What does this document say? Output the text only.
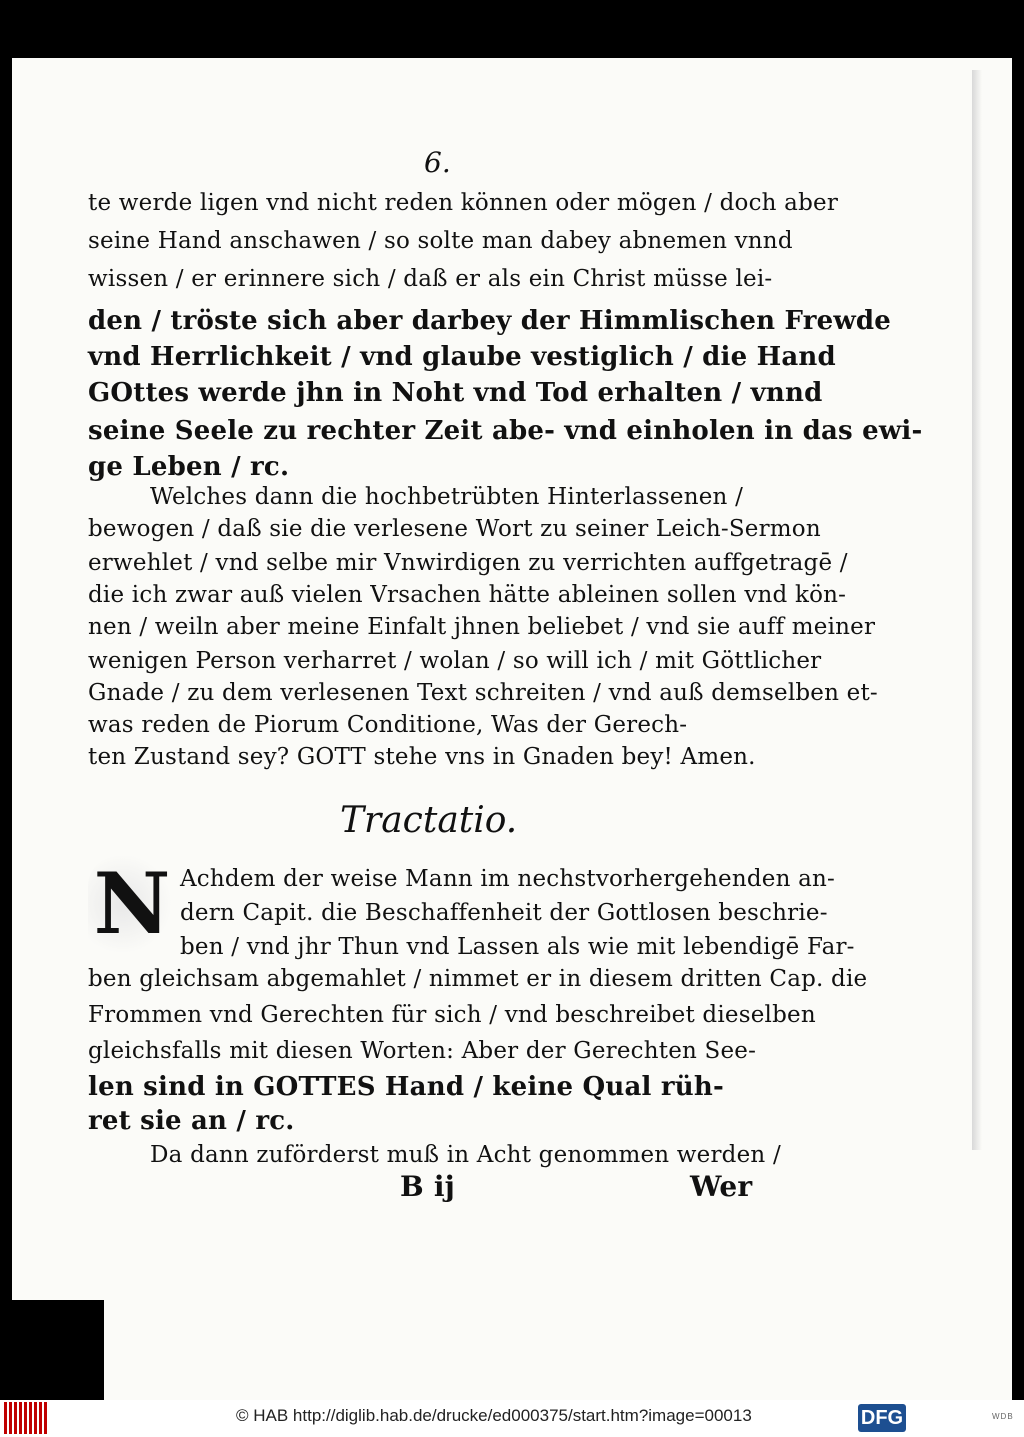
6.
te werde ligen vnd nicht reden können oder mögen / doch aber
seine Hand anschawen / so solte man dabey abnemen vnnd
wissen / er erinnere sich / daß er als ein Christ müsse lei-
den / tröste sich aber darbey der Himmlischen Frewde
vnd Herrlichkeit / vnd glaube vestiglich / die Hand
GOttes werde jhn in Noht vnd Tod erhalten / vnnd
seine Seele zu rechter Zeit abe- vnd einholen in das ewi-
ge Leben / rc.
Welches dann die hochbetrübten Hinterlassenen /
bewogen / daß sie die verlesene Wort zu seiner Leich-Sermon
erwehlet / vnd selbe mir Vnwirdigen zu verrichten auffgetragē /
die ich zwar auß vielen Vrsachen hätte ableinen sollen vnd kön-
nen / weiln aber meine Einfalt jhnen beliebet / vnd sie auff meiner
wenigen Person verharret / wolan / so will ich / mit Göttlicher
Gnade / zu dem verlesenen Text schreiten / vnd auß demselben et-
was reden de Piorum Conditione, Was der Gerech-
ten Zustand sey? GOTT stehe vns in Gnaden bey! Amen.
Tractatio.
N Achdem der weise Mann im nechstvorhergehenden an-
dern Capit. die Beschaffenheit der Gottlosen beschrie-
ben / vnd jhr Thun vnd Lassen als wie mit lebendigē Far-
ben gleichsam abgemahlet / nimmet er in diesem dritten Cap. die
Frommen vnd Gerechten für sich / vnd beschreibet dieselben
gleichsfalls mit diesen Worten: Aber der Gerechten See-
len sind in GOTTES Hand / keine Qual rüh-
ret sie an / rc.
Da dann zuförderst muß in Acht genommen werden /
B ij	Wer
© HAB http://diglib.hab.de/drucke/ed000375/start.htm?image=00013	DFG	WDB
